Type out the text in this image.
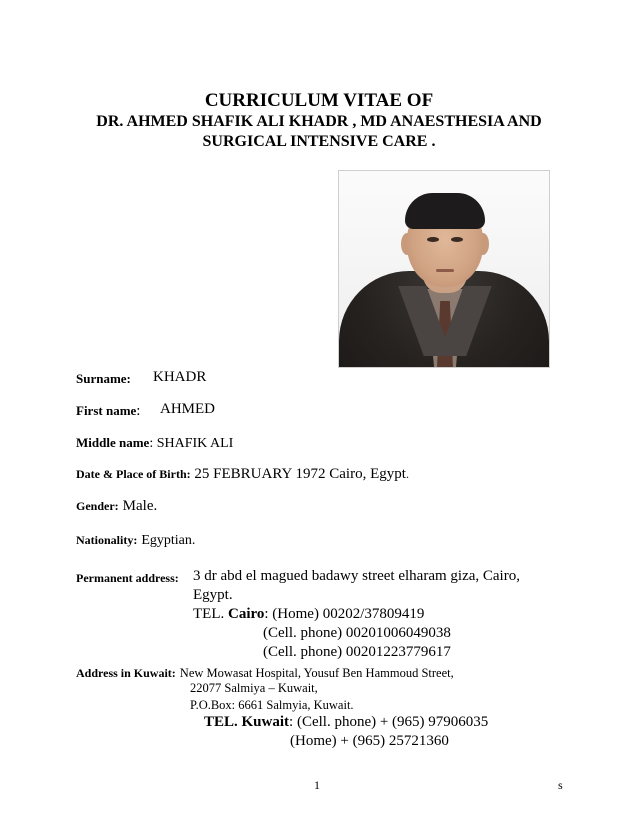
CURRICULUM VITAE OF
DR. AHMED SHAFIK ALI KHADR , MD ANAESTHESIA AND
SURGICAL INTENSIVE CARE .
Surname: KHADR
First name: AHMED
Middle name: SHAFIK ALI
Date & Place of Birth: 25 FEBRUARY 1972 Cairo, Egypt.
Gender: Male.
Nationality: Egyptian.
Permanent address: 3 dr abd el magued badawy street elharam giza, Cairo,
Egypt.
TEL. Cairo: (Home) 00202/37809419
(Cell. phone) 00201006049038
(Cell. phone) 00201223779617
Address in Kuwait: New Mowasat Hospital, Yousuf Ben Hammoud Street,
22077 Salmiya – Kuwait,
P.O.Box: 6661 Salmyia, Kuwait.
TEL. Kuwait: (Cell. phone) + (965) 97906035
(Home) + (965) 25721360
1	s
